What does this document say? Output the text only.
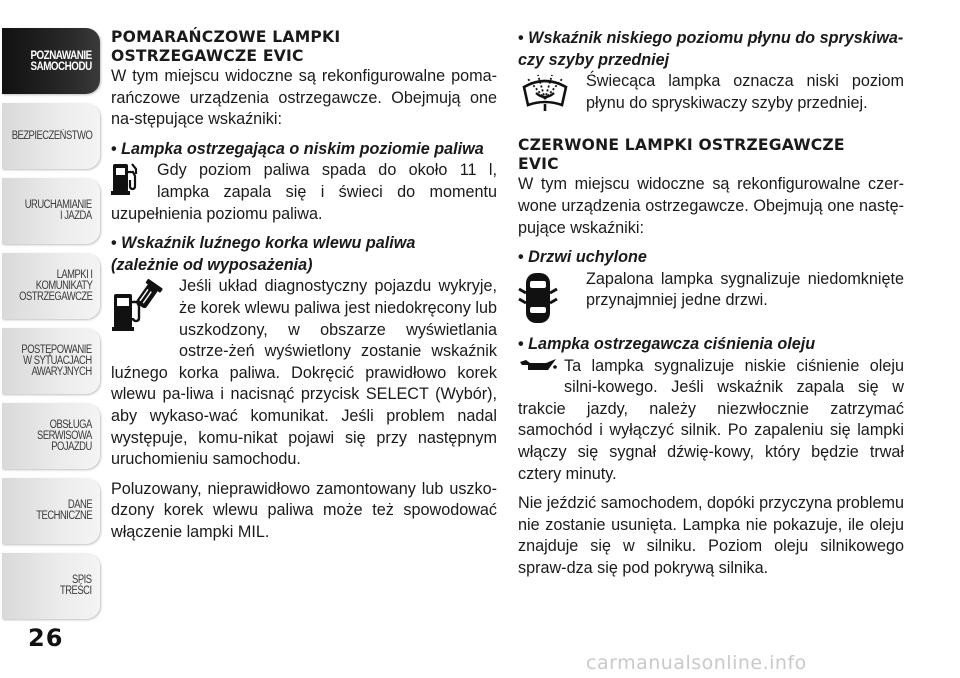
POZNAWANIE
SAMOCHODU
BEZPIECZEŃSTWO
URUCHAMIANIE
I JAZDA
LAMPKI I
KOMUNIKATY
OSTRZEGAWCZE
POSTĘPOWANIE
W SYTUACJACH
AWARYJNYCH
OBSŁUGA
SERWISOWA
POJAZDU
DANE
TECHNICZNE
SPIS
TREŚCI
26
carmanualsonline.info
POMARAŃCZOWE LAMPKI
OSTRZEGAWCZE EVIC

W tym miejscu widoczne są rekonfigurowalne poma-rańczowe urządzenia ostrzegawcze. Obejmują one na-stępujące wskaźniki:

• Lampka ostrzegająca o niskim poziomie paliwa

Gdy poziom paliwa spada do około 11 l, lampka zapala się i świeci do momentu uzupełnienia poziomu paliwa.

• Wskaźnik luźnego korka wlewu paliwa
(zależnie od wyposażenia)

Jeśli układ diagnostyczny pojazdu wykryje, że korek wlewu paliwa jest niedokręcony lub uszkodzony, w obszarze wyświetlania ostrze-żeń wyświetlony zostanie wskaźnik luźnego korka paliwa. Dokręcić prawidłowo korek wlewu pa-liwa i nacisnąć przycisk SELECT (Wybór), aby wykaso-wać komunikat. Jeśli problem nadal występuje, komu-nikat pojawi się przy następnym uruchomieniu samochodu.

Poluzowany, nieprawidłowo zamontowany lub uszko-dzony korek wlewu paliwa może też spowodować włączenie lampki MIL.

• Wskaźnik niskiego poziomu płynu do spryskiwa-czy szyby przedniej

Świecąca lampka oznacza niski poziom płynu do spryskiwaczy szyby przedniej.

CZERWONE LAMPKI OSTRZEGAWCZE
EVIC

W tym miejscu widoczne są rekonfigurowalne czer-wone urządzenia ostrzegawcze. Obejmują one nastę-pujące wskaźniki:

• Drzwi uchylone

Zapalona lampka sygnalizuje niedomknięte przynajmniej jedne drzwi.

• Lampka ostrzegawcza ciśnienia oleju

Ta lampka sygnalizuje niskie ciśnienie oleju silni-kowego. Jeśli wskaźnik zapala się w trakcie jazdy, należy niezwłocznie zatrzymać samochód i wyłączyć silnik. Po zapaleniu się lampki włączy się sygnał dźwię-kowy, który będzie trwał cztery minuty.

Nie jeździć samochodem, dopóki przyczyna problemu nie zostanie usunięta. Lampka nie pokazuje, ile oleju znajduje się w silniku. Poziom oleju silnikowego spraw-dza się pod pokrywą silnika.
